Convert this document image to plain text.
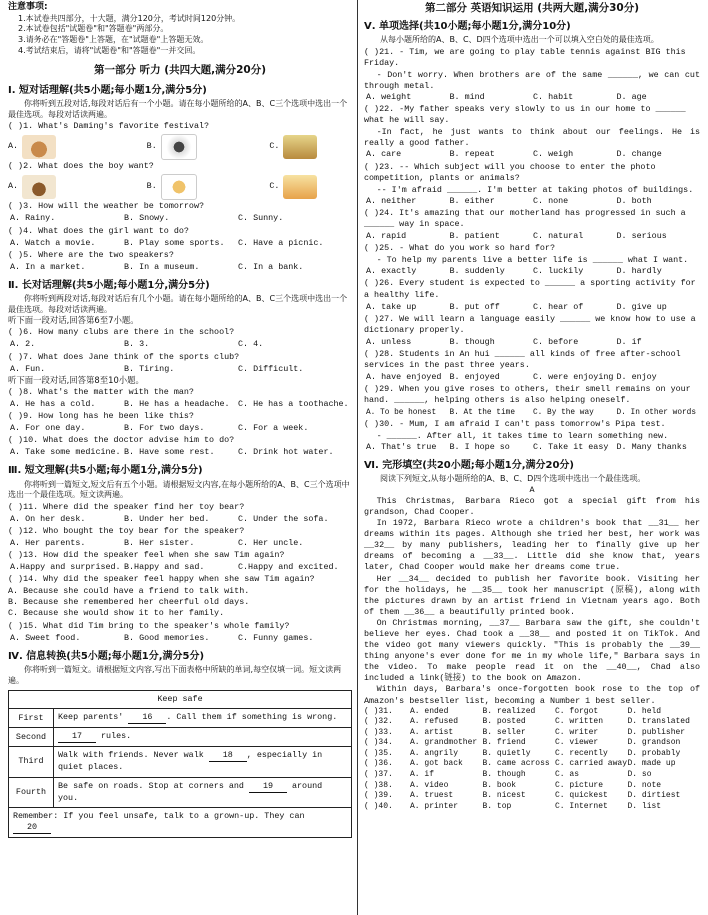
注意事项:
1.本试卷共四部分，十大题，满分120分，考试时间120分钟。
2.本试卷包括"试题卷"和"答题卷"两部分。
3.请务必在"答题卷"上答题，在"试题卷"上答题无效。
4.考试结束后，请将"试题卷"和"答题卷"一并交回。
第一部分 听力 (共四大题,满分20分)
Ⅰ. 短对话理解(共5小题;每小题1分,满分5分)
你将听到五段对话,每段对话后有一个小题。请在每小题所给的A、B、C三个选项中选出一个最佳选项。每段对话读两遍。
( )1. What's Daming's favorite festival?
A.	B.	C.
( )2. What does the boy want?
A.	B.	C.
( )3. How will the weather be tomorrow?
A. Rainy.	B. Snowy.	C. Sunny.
( )4. What does the girl want to do?
A. Watch a movie.	B. Play some sports.	C. Have a picnic.
( )5. Where are the two speakers?
A. In a market.	B. In a museum.	C. In a bank.
Ⅱ. 长对话理解(共5小题;每小题1分,满分5分)
你将听到两段对话,每段对话后有几个小题。请在每小题所给的A、B、C三个选项中选出一个最佳选项。每段对话读两遍。
听下面一段对话,回答第6至7小题。
( )6. How many clubs are there in the school?
A. 2.	B. 3.	C. 4.
( )7. What does Jane think of the sports club?
A. Fun.	B. Tiring.	C. Difficult.
听下面一段对话,回答第8至10小题。
( )8. What's the matter with the man?
A. He has a cold.	B. He has a headache.	C. He has a toothache.
( )9. How long has he been like this?
A. For one day.	B. For two days.	C. For a week.
( )10. What does the doctor advise him to do?
A. Take some medicine. B. Have some rest.	C. Drink hot water.
Ⅲ. 短文理解(共5小题;每小题1分,满分5分)
你将听到一篇短文,短文后有五个小题。请根据短文内容,在每小题所给的A、B、C三个选项中选出一个最佳选项。短文读两遍。
( )11. Where did the speaker find her toy bear?
A. On her desk.	B. Under her bed.	C. Under the sofa.
( )12. Who bought the toy bear for the speaker?
A. Her parents.	B. Her sister.	C. Her uncle.
( )13. How did the speaker feel when she saw Tim again?
A.Happy and surprised. B.Happy and sad.	C.Happy and excited.
( )14. Why did the speaker feel happy when she saw Tim again?
A. Because she could have a friend to talk with.
B. Because she remembered her cheerful old days.
C. Because she would show it to her family.
( )15. What did Tim bring to the speaker's whole family?
A. Sweet food.	B. Good memories.	C. Funny games.
Ⅳ. 信息转换(共5小题;每小题1分,满分5分)
你将听到一篇短文。请根据短文内容,写出下面表格中所缺的单词,每空仅填一词。短文读两遍。
Keep safe	
First	Keep parents' 16 . Call them if something is wrong.
Second	17 rules.
Third	Walk with friends. Never walk 18 , especially in quiet places.
Fourth	Be safe on roads. Stop at corners and 19 around you.
Remember: If you feel unsafe, talk to a grown-up. They can 20	
第二部分 英语知识运用 (共两大题,满分30分)
Ⅴ. 单项选择(共10小题;每小题1分,满分10分)
从每小题所给的A、B、C、D四个选项中选出一个可以填入空白处的最佳选项。
( )21. - Tim, we are going to play table tennis against BIG this Friday.
- Don't worry. When brothers are of the same ______, we can cut through metal.
A. weight	B. mind	C. habit	D. age
( )22. -My father speaks very slowly to us in our home to ______ what he will say.
-In fact, he just wants to think about our feelings. He is really a good father.
A. care	B. repeat	C. weigh	D. change
( )23. -- Which subject will you choose to enter the photo competition, plants or animals?
-- I'm afraid ______. I'm better at taking photos of buildings.
A. neither	B. either	C. none	D. both
( )24. It's amazing that our motherland has progressed in such a ______ way in space.
A. rapid	B. patient	C. natural	D. serious
( )25. - What do you work so hard for?
- To help my parents live a better life is ______ what I want.
A. exactly	B. suddenly	C. luckily	D. hardly
( )26. Every student is expected to ______ a sporting activity for a healthy life.
A. take up	B. put off	C. hear of	D. give up
( )27. We will learn a language easily ______ we know how to use a dictionary properly.
A. unless	B. though	C. before	D. if
( )28. Students in An hui ______ all kinds of free after-school services in the past three years.
A. have enjoyed B. enjoyed	C. were enjoying D. enjoy
( )29. When you give roses to others, their smell remains on your hand. ______, helping others is also helping oneself.
A. To be honest	B. At the time	C. By the way	D. In other words
( )30. - Mum, I am afraid I can't pass tomorrow's Pipa test.
- ______. After all, it takes time to learn something new.
A. That's true	B. I hope so	C. Take it easy D. Many thanks
Ⅵ. 完形填空(共20小题;每小题1分,满分20分)
阅读下列短文,从每小题所给的A、B、C、D四个选项中选出一个最佳选项。
A
This Christmas, Barbara Rieco got a special gift from his grandson, Chad Cooper.
In 1972, Barbara Rieco wrote a children's book that __31__ her dreams within its pages. Although she tried her best, her work was __32__ by many publishers, leading her to finally give up her dreams of becoming a __33__. Little did she know that, years later, Chad Cooper would make her dreams come true.
Her __34__ decided to publish her favorite book. Visiting her for the holidays, he __35__ took her manuscript (原稿), along with the pictures drawn by an artist friend in Vietnam years ago. Both of them __36__ a beautifully printed book.
On Christmas morning, __37__ Barbara saw the gift, she couldn't believe her eyes. Chad took a __38__ and posted it on TikTok. And the video got many viewers quickly. "This is probably the __39__ thing anyone's ever done for me in my whole life," Barbara says in the video. To make people read it on the __40__, Chad also included a link(链接) to the book on Amazon.
Within days, Barbara's once-forgotten book rose to the top of Amazon's bestseller list, becoming a Number 1 best seller.
( )31.	A. ended	B. realized	C. forgot	D. held
( )32.	A. refused	B. posted	C. written	D. translated
( )33.	A. artist	B. seller	C. writer	D. publisher
( )34.	A. grandmother B. friend	C. viewer	D. grandson
( )35.	A. angrily	B. quietly	C. recently	D. probably
( )36.	A. got back	B. came across C. carried away D. made up
( )37.	A. if	B. though	C. as	D. so
( )38.	A. video	B. book	C. picture	D. note
( )39.	A. truest	B. nicest	C. quickest	D. dirtiest
( )40.	A. printer	B. top	C. Internet	D. list
